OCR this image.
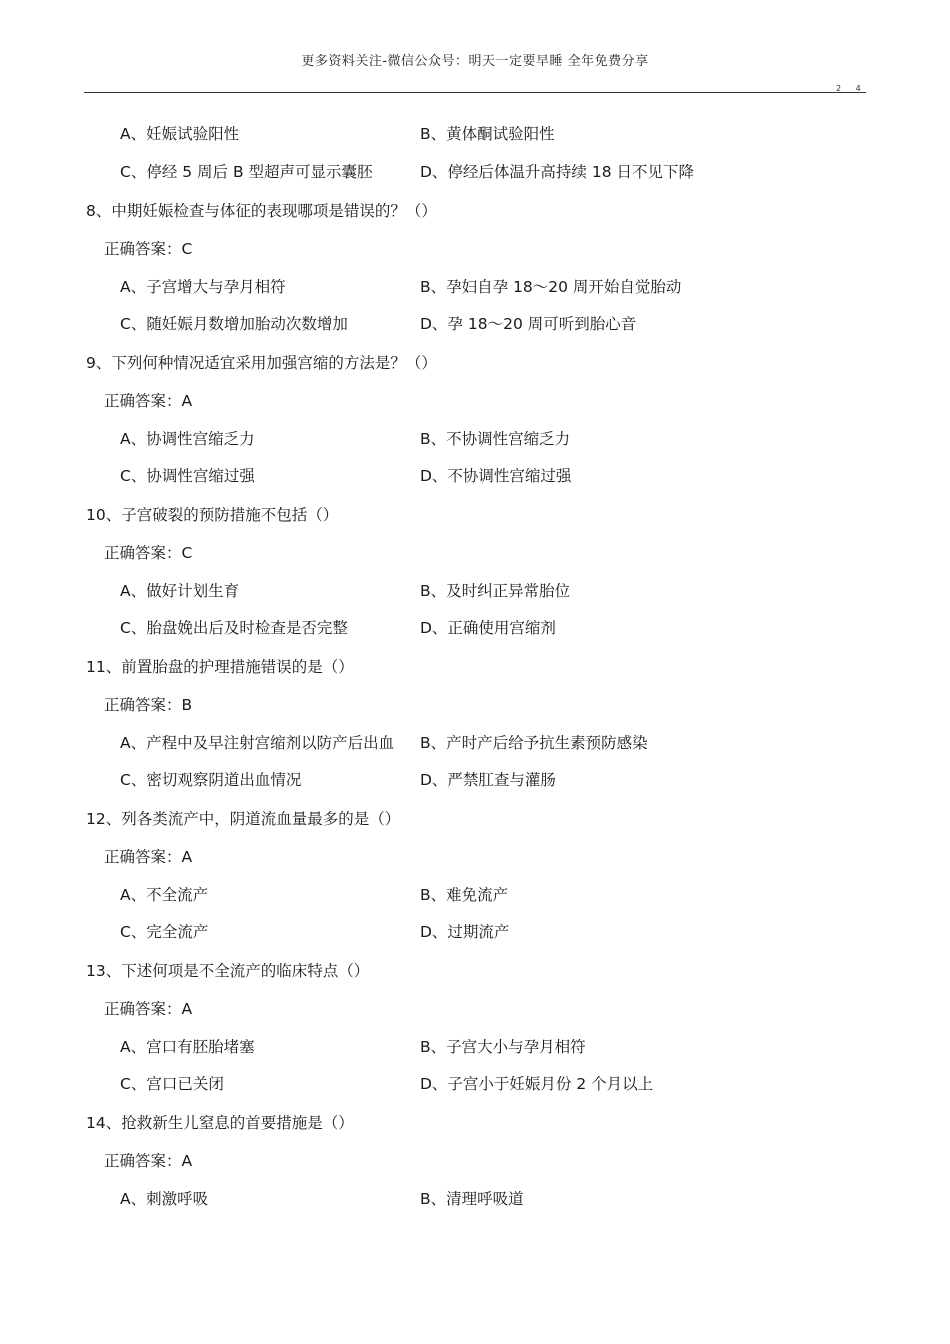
更多资料关注-微信公众号：明天一定要早睡 全年免费分享
2 4
A、妊娠试验阳性	B、黄体酮试验阳性
C、停经 5 周后 B 型超声可显示囊胚	D、停经后体温升高持续 18 日不见下降
8、中期妊娠检查与体征的表现哪项是错误的？（）
正确答案：C
A、子宫增大与孕月相符	B、孕妇自孕 18～20 周开始自觉胎动
C、随妊娠月数增加胎动次数增加	D、孕 18～20 周可听到胎心音
9、下列何种情况适宜采用加强宫缩的方法是？（）
正确答案：A
A、协调性宫缩乏力	B、不协调性宫缩乏力
C、协调性宫缩过强	D、不协调性宫缩过强
10、子宫破裂的预防措施不包括（）
正确答案：C
A、做好计划生育	B、及时纠正异常胎位
C、胎盘娩出后及时检查是否完整	D、正确使用宫缩剂
11、前置胎盘的护理措施错误的是（）
正确答案：B
A、产程中及早注射宫缩剂以防产后出血 B、产时产后给予抗生素预防感染
C、密切观察阴道出血情况	D、严禁肛查与灌肠
12、列各类流产中，阴道流血量最多的是（）
正确答案：A
A、不全流产	B、难免流产
C、完全流产	D、过期流产
13、下述何项是不全流产的临床特点（）
正确答案：A
A、宫口有胚胎堵塞	B、子宫大小与孕月相符
C、宫口已关闭	D、子宫小于妊娠月份 2 个月以上
14、抢救新生儿窒息的首要措施是（）
正确答案：A
A、刺激呼吸	B、清理呼吸道
